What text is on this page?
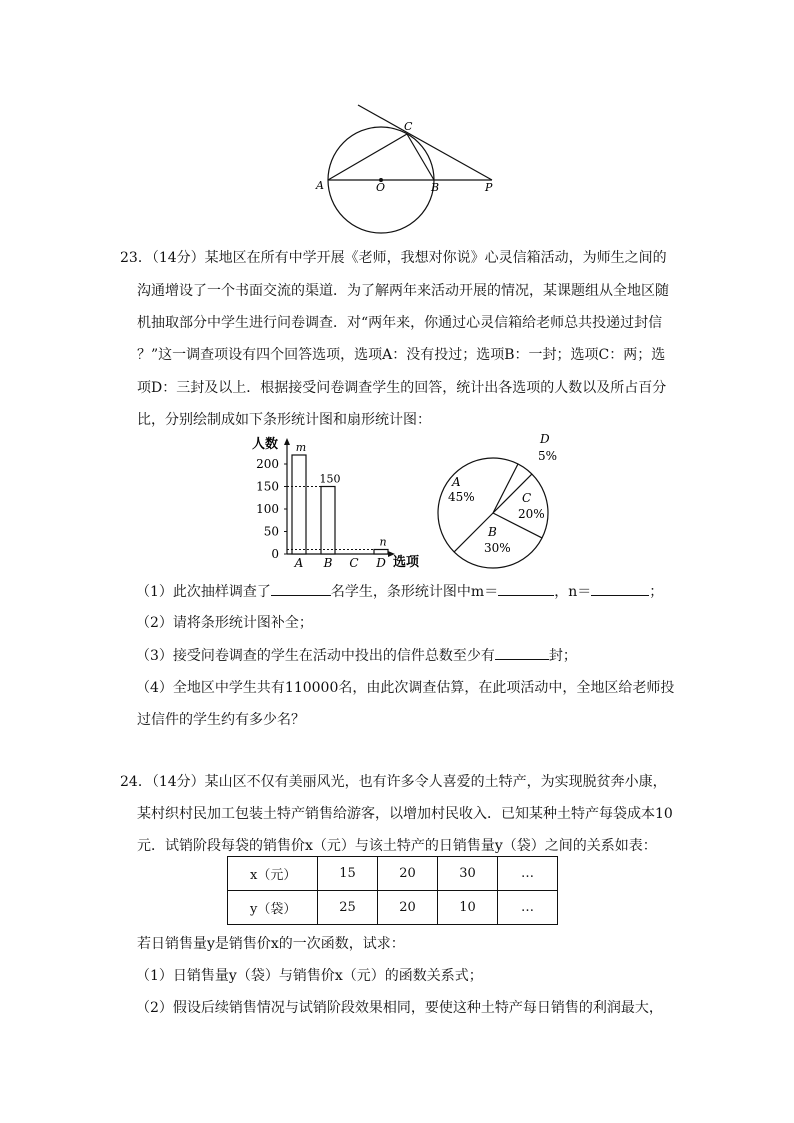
C
A	O	B	P
23．（14分）某地区在所有中学开展《老师，我想对你说》心灵信箱活动，为师生之间的
沟通增设了一个书面交流的渠道．为了解两年来活动开展的情况，某课题组从全地区随
机抽取部分中学生进行问卷调查．对“两年来，你通过心灵信箱给老师总共投递过封信
？”这一调查项设有四个回答选项，选项A：没有投过；选项B：一封；选项C：两；选
项D：三封及以上．根据接受问卷调查学生的回答，统计出各选项的人数以及所占百分
比，分别绘制成如下条形统计图和扇形统计图：
人数
选项
0
50
100
150
200
A
m
B
150
C D
n
A
45%
B
30%
C
20%
D
5%
（1）此次抽样调查了	名学生，条形统计图中m＝	，n＝	；
（2）请将条形统计图补全；
（3）接受问卷调查的学生在活动中投出的信件总数至少有	封；
（4）全地区中学生共有110000名，由此次调查估算，在此项活动中，全地区给老师投
过信件的学生约有多少名？
24．（14分）某山区不仅有美丽风光，也有许多令人喜爱的土特产，为实现脱贫奔小康，
某村织村民加工包装土特产销售给游客，以增加村民收入．已知某种土特产每袋成本10
元．试销阶段每袋的销售价x（元）与该土特产的日销售量y（袋）之间的关系如表：
x（元）	15	20	30	…
y（袋）	25	20	10	…
若日销售量y是销售价x的一次函数，试求：
（1）日销售量y（袋）与销售价x（元）的函数关系式；
（2）假设后续销售情况与试销阶段效果相同，要使这种土特产每日销售的利润最大，
